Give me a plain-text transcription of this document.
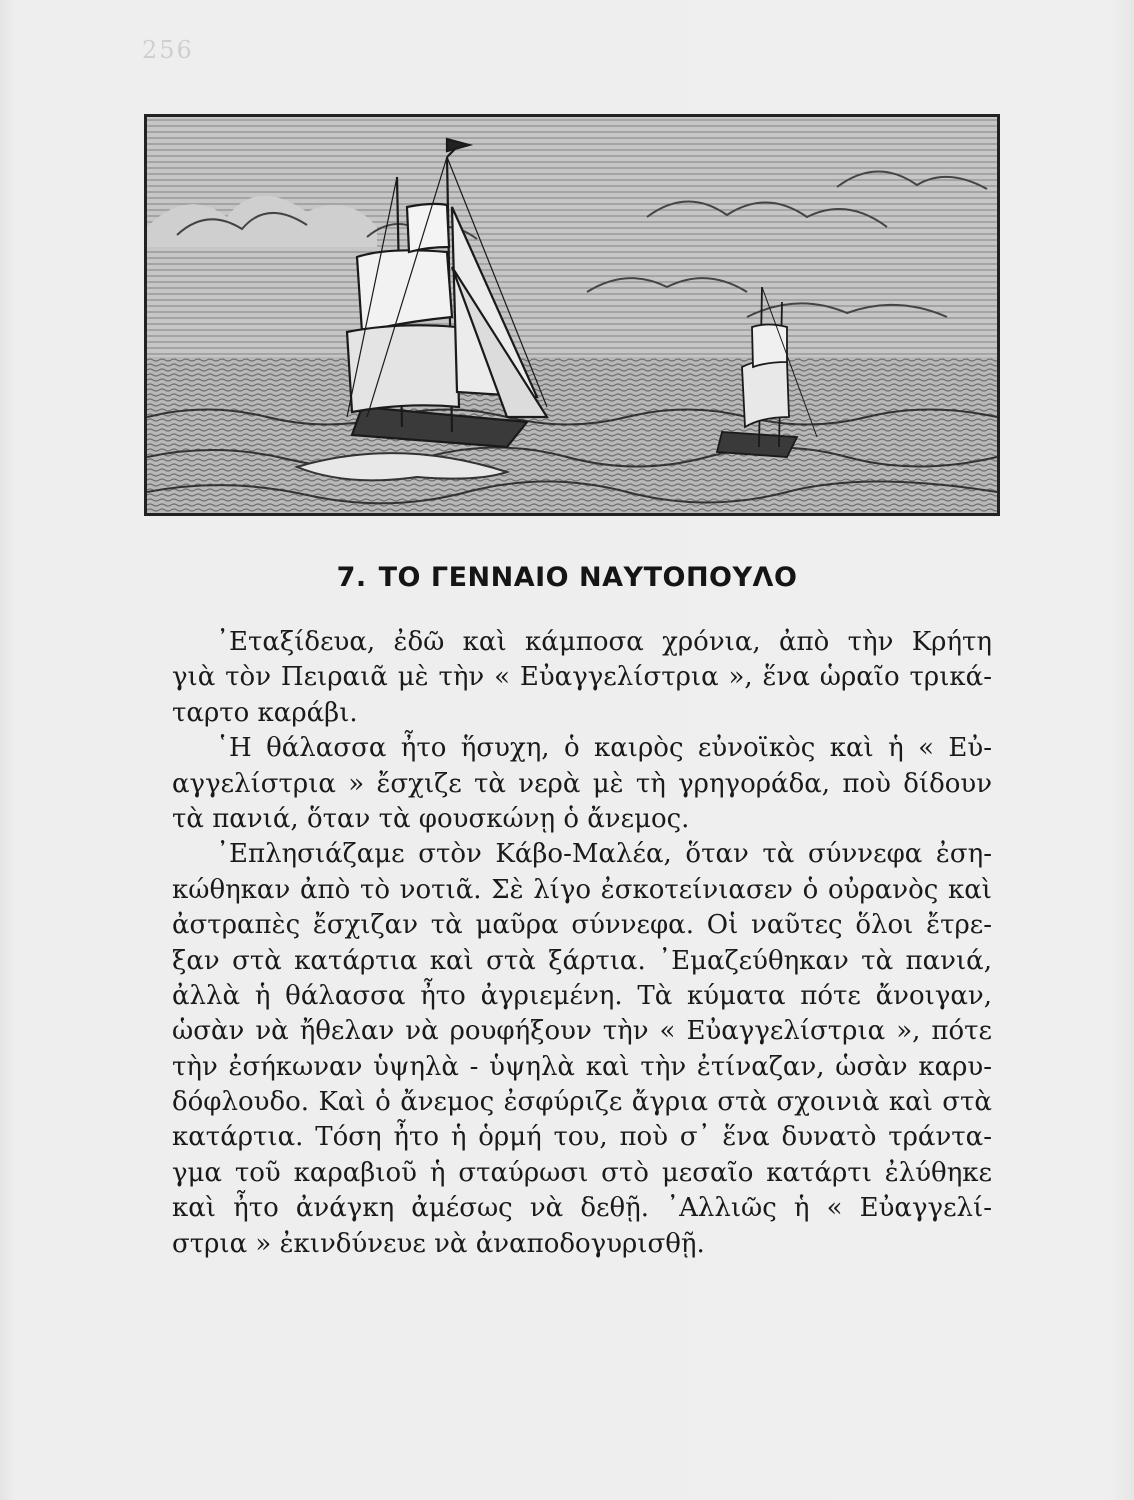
256
7. ΤΟ ΓΕΝΝΑΙΟ ΝΑΥΤΟΠΟΥΛΟ
᾿Εταξίδευα, ἐδῶ καὶ κάμποσα χρόνια, ἀπὸ τὴν Κρήτη
γιὰ τὸν Πειραιᾶ μὲ τὴν « Εὐαγγελίστρια », ἕνα ὡραῖο τρικά-
ταρτο καράβι.
῾Η θάλασσα ἦτο ἥσυχη, ὁ καιρὸς εὐνοϊκὸς καὶ ἡ « Εὐ-
αγγελίστρια » ἔσχιζε τὰ νερὰ μὲ τὴ γρηγοράδα, ποὺ δίδουν
τὰ πανιά, ὅταν τὰ φουσκώνῃ ὁ ἄνεμος.
᾿Επλησιάζαμε στὸν Κάβο-Μαλέα, ὅταν τὰ σύννεφα ἐση-
κώθηκαν ἀπὸ τὸ νοτιᾶ. Σὲ λίγο ἐσκοτείνιασεν ὁ οὐρανὸς καὶ
ἀστραπὲς ἔσχιζαν τὰ μαῦρα σύννεφα. Οἱ ναῦτες ὅλοι ἔτρε-
ξαν στὰ κατάρτια καὶ στὰ ξάρτια. ᾿Εμαζεύθηκαν τὰ πανιά,
ἀλλὰ ἡ θάλασσα ἦτο ἀγριεμένη. Τὰ κύματα πότε ἄνοιγαν,
ὡσὰν νὰ ἤθελαν νὰ ρουφήξουν τὴν « Εὐαγγελίστρια », πότε
τὴν ἐσήκωναν ὑψηλὰ - ὑψηλὰ καὶ τὴν ἐτίναζαν, ὡσὰν καρυ-
δόφλουδο. Καὶ ὁ ἄνεμος ἐσφύριζε ἄγρια στὰ σχοινιὰ καὶ στὰ
κατάρτια. Τόση ἦτο ἡ ὁρμή του, ποὺ σ᾿ ἕνα δυνατὸ τράντα-
γμα τοῦ καραβιοῦ ἡ σταύρωσι στὸ μεσαῖο κατάρτι ἐλύθηκε
καὶ ἦτο ἀνάγκη ἀμέσως νὰ δεθῇ. ᾿Αλλιῶς ἡ « Εὐαγγελί-
στρια » ἐκινδύνευε νὰ ἀναποδογυρισθῇ.
